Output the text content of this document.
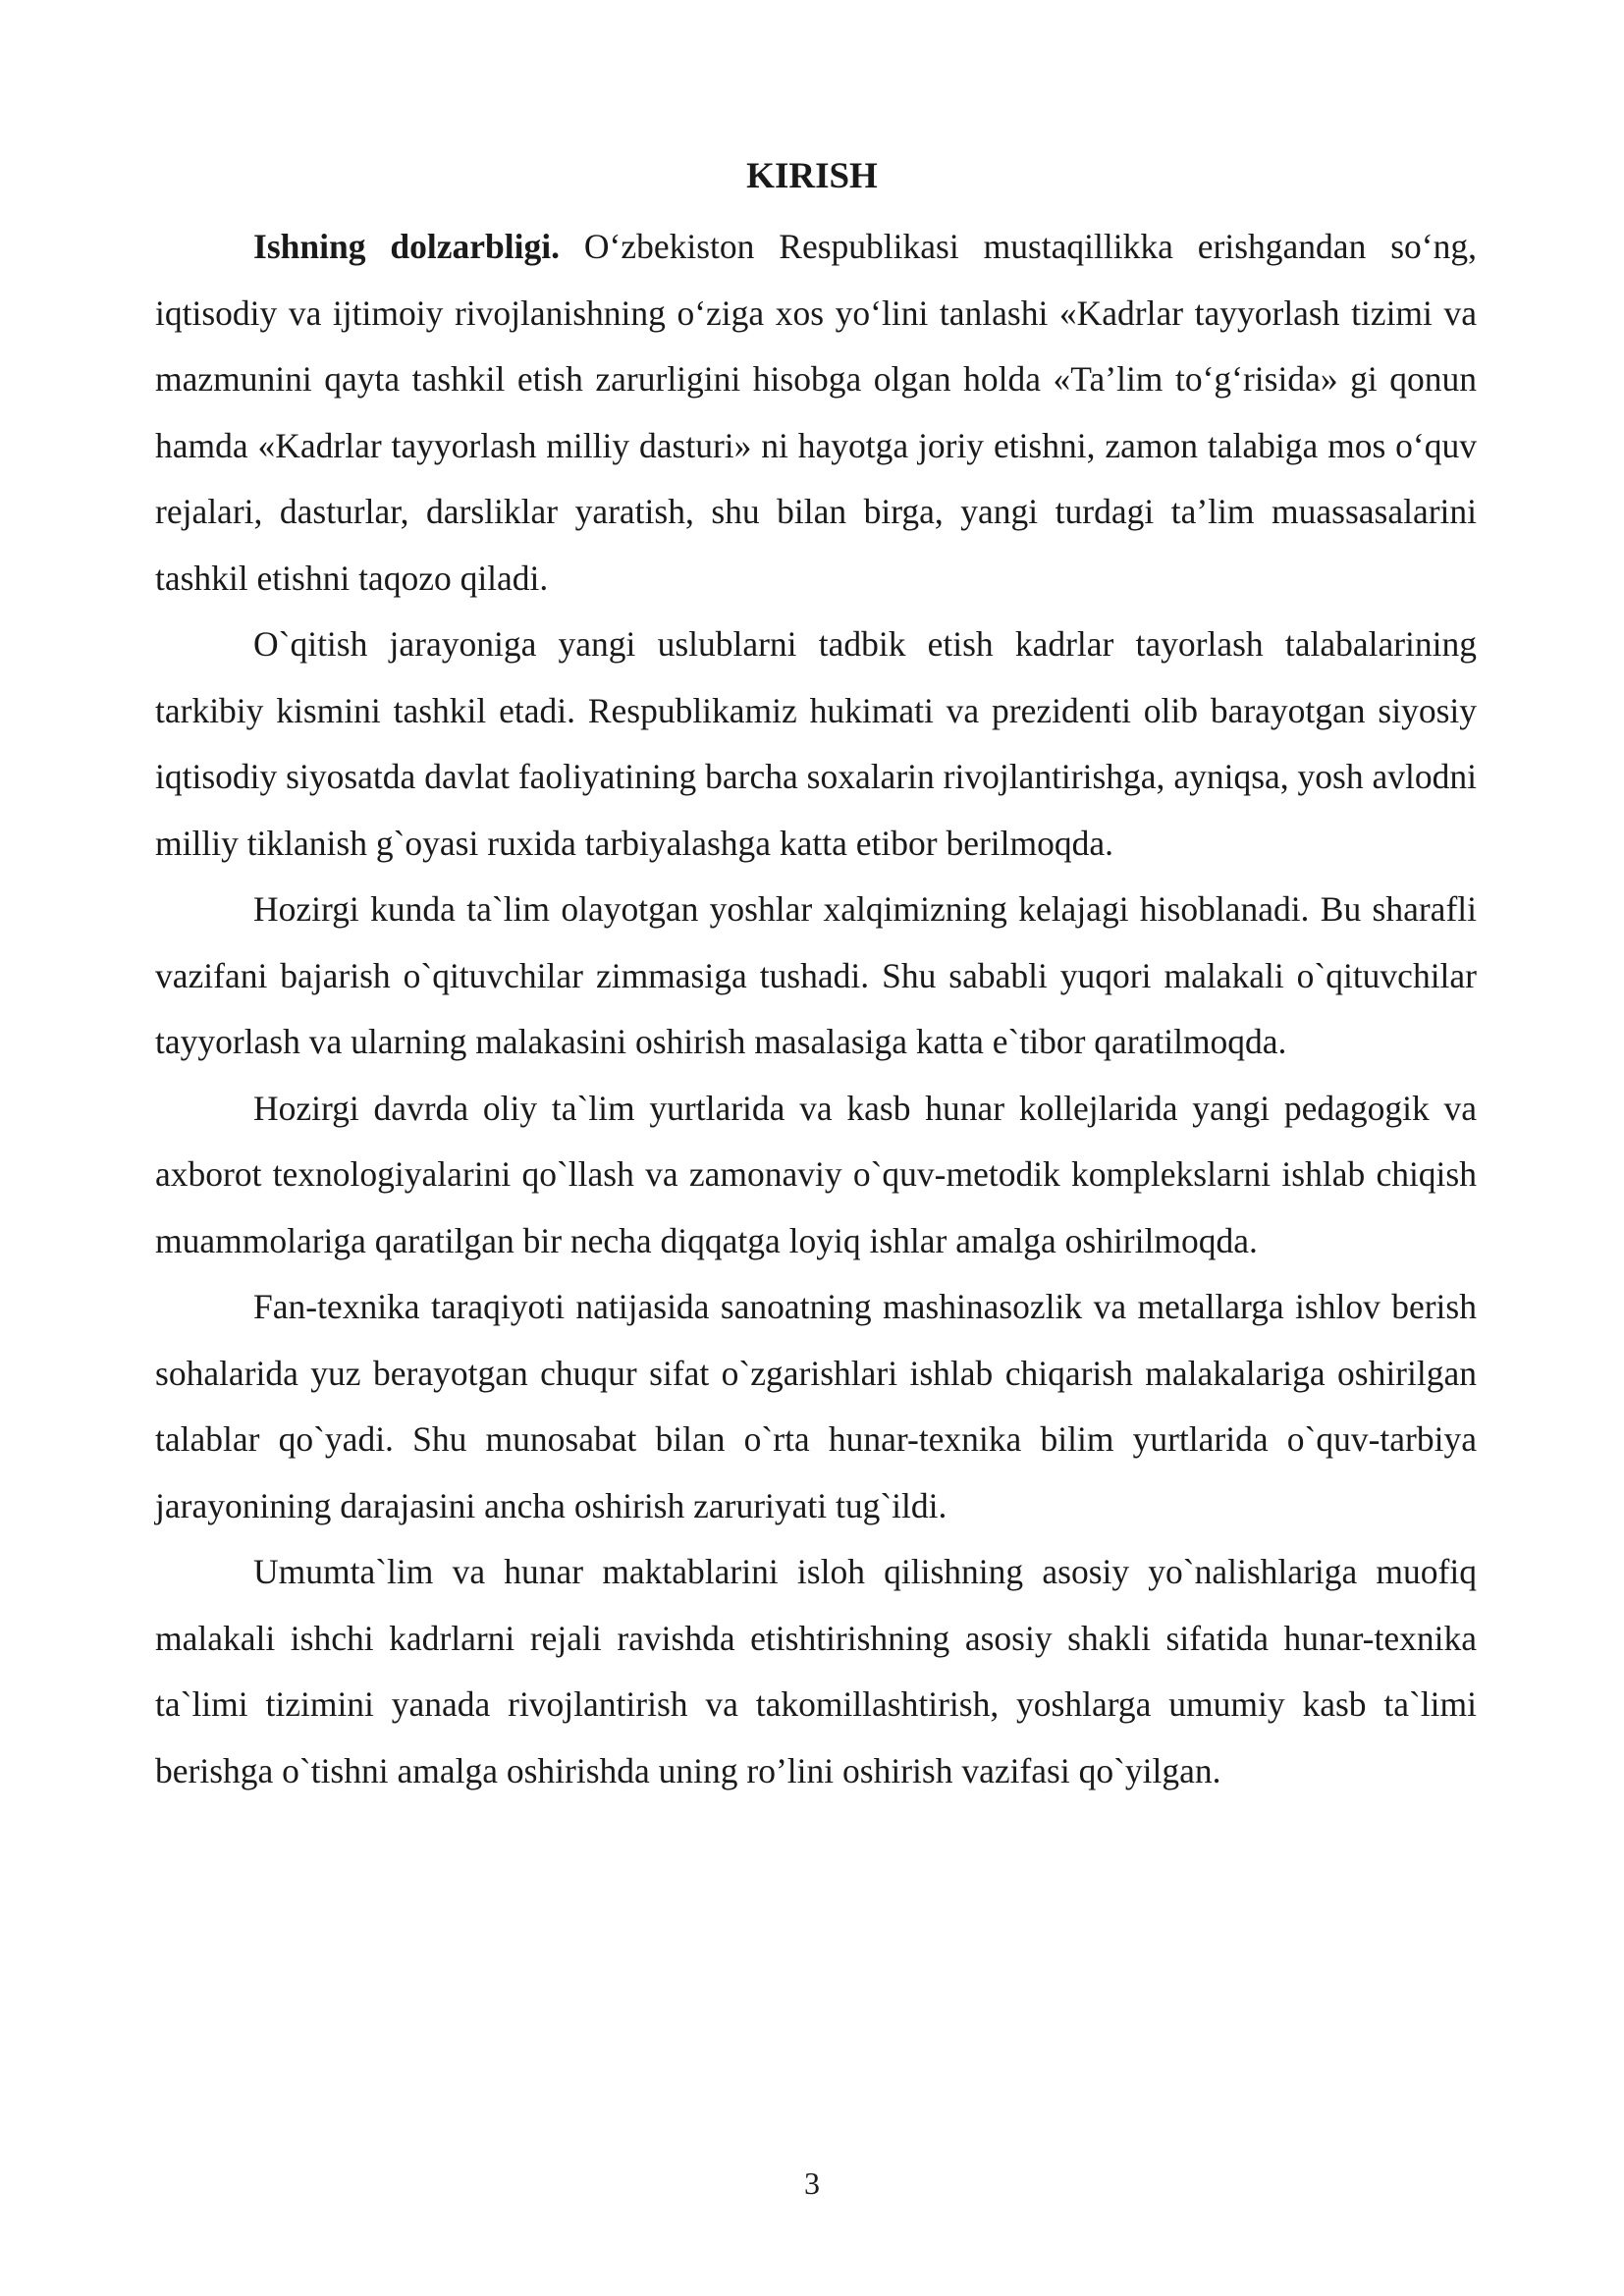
KIRISH

Ishning dolzarbligi. O‘zbekiston Respublikasi mustaqillikka erishgandan so‘ng, iqtisodiy va ijtimoiy rivojlanishning o‘ziga xos yo‘lini tanlashi «Kadrlar tayyorlash tizimi va mazmunini qayta tashkil etish zarurligini hisobga olgan holda «Ta’lim to‘g‘risida» gi qonun hamda «Kadrlar tayyorlash milliy dasturi» ni hayotga joriy etishni, zamon talabiga mos o‘quv rejalari, dasturlar, darsliklar yaratish, shu bilan birga, yangi turdagi ta’lim muassasalarini tashkil etishni taqozo qiladi.

O`qitish jarayoniga yangi uslublarni tadbik etish kadrlar tayorlash talabalarining tarkibiy kismini tashkil etadi. Respublikamiz hukimati va prezidenti olib barayotgan siyosiy iqtisodiy siyosatda davlat faoliyatining barcha soxalarin rivojlantirishga, ayniqsa, yosh avlodni milliy tiklanish g`oyasi ruxida tarbiyalashga katta etibor berilmoqda.

Hozirgi kunda ta`lim olayotgan yoshlar xalqimizning kelajagi hisoblanadi. Bu sharafli vazifani bajarish o`qituvchilar zimmasiga tushadi. Shu sababli yuqori malakali o`qituvchilar tayyorlash va ularning malakasini oshirish masalasiga katta e`tibor qaratilmoqda.

Hozirgi davrda oliy ta`lim yurtlarida va kasb hunar kollejlarida yangi pedagogik va axborot texnologiyalarini qo`llash va zamonaviy o`quv-metodik komplekslarni ishlab chiqish muammolariga qaratilgan bir necha diqqatga loyiq ishlar amalga oshirilmoqda.

Fan-texnika taraqiyoti natijasida sanoatning mashinasozlik va metallarga ishlov berish sohalarida yuz berayotgan chuqur sifat o`zgarishlari ishlab chiqarish malakalariga oshirilgan talablar qo`yadi. Shu munosabat bilan o`rta hunar-texnika bilim yurtlarida o`quv-tarbiya jarayonining darajasini ancha oshirish zaruriyati tug`ildi.

Umumta`lim va hunar maktablarini isloh qilishning asosiy yo`nalishlariga muofiq malakali ishchi kadrlarni rejali ravishda etishtirishning asosiy shakli sifatida hunar-texnika ta`limi tizimini yanada rivojlantirish va takomillashtirish, yoshlarga umumiy kasb ta`limi berishga o`tishni amalga oshirishda uning ro’lini oshirish vazifasi qo`yilgan.

3
